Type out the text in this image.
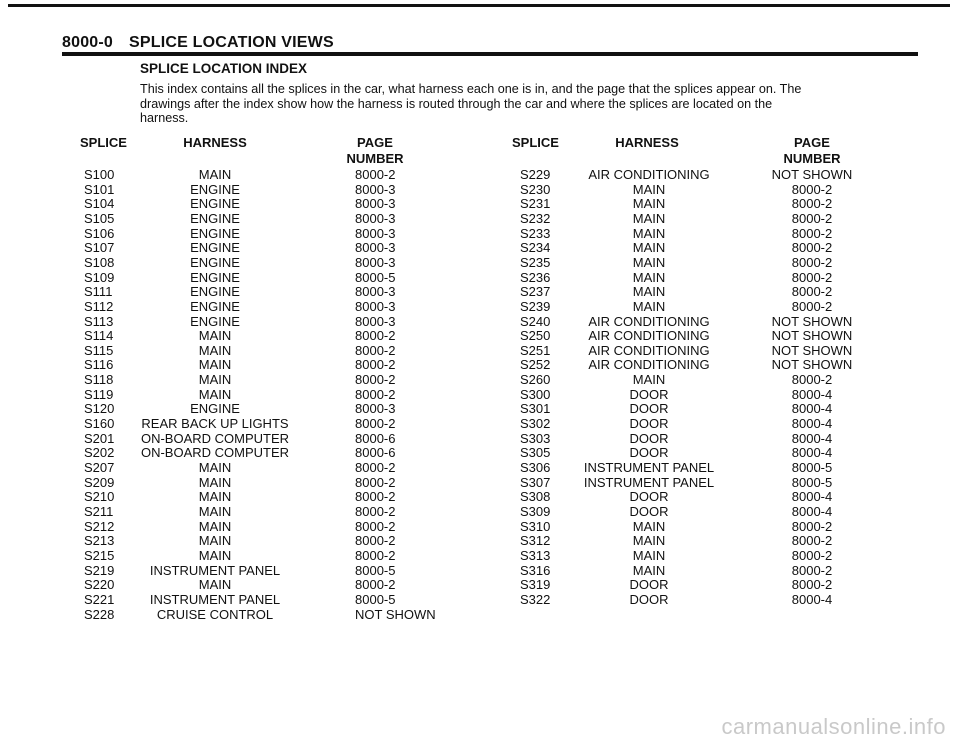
8000-0 SPLICE LOCATION VIEWS
SPLICE LOCATION INDEX
This index contains all the splices in the car, what harness each one is in, and the page that the splices appear on. The drawings after the index show how the harness is routed through the car and where the splices are located on the harness.
SPLICE	HARNESS	PAGE
NUMBER
SPLICE	HARNESS	PAGE
NUMBER
S100	MAIN	8000-2
S101	ENGINE	8000-3
S104	ENGINE	8000-3
S105	ENGINE	8000-3
S106	ENGINE	8000-3
S107	ENGINE	8000-3
S108	ENGINE	8000-3
S109	ENGINE	8000-5
S111	ENGINE	8000-3
S112	ENGINE	8000-3
S113	ENGINE	8000-3
S114	MAIN	8000-2
S115	MAIN	8000-2
S116	MAIN	8000-2
S118	MAIN	8000-2
S119	MAIN	8000-2
S120	ENGINE	8000-3
S160	REAR BACK UP LIGHTS	8000-2
S201	ON-BOARD COMPUTER	8000-6
S202	ON-BOARD COMPUTER	8000-6
S207	MAIN	8000-2
S209	MAIN	8000-2
S210	MAIN	8000-2
S211	MAIN	8000-2
S212	MAIN	8000-2
S213	MAIN	8000-2
S215	MAIN	8000-2
S219	INSTRUMENT PANEL	8000-5
S220	MAIN	8000-2
S221	INSTRUMENT PANEL	8000-5
S228	CRUISE CONTROL	NOT SHOWN
S229	AIR CONDITIONING	NOT SHOWN
S230	MAIN	8000-2
S231	MAIN	8000-2
S232	MAIN	8000-2
S233	MAIN	8000-2
S234	MAIN	8000-2
S235	MAIN	8000-2
S236	MAIN	8000-2
S237	MAIN	8000-2
S239	MAIN	8000-2
S240	AIR CONDITIONING	NOT SHOWN
S250	AIR CONDITIONING	NOT SHOWN
S251	AIR CONDITIONING	NOT SHOWN
S252	AIR CONDITIONING	NOT SHOWN
S260	MAIN	8000-2
S300	DOOR	8000-4
S301	DOOR	8000-4
S302	DOOR	8000-4
S303	DOOR	8000-4
S305	DOOR	8000-4
S306	INSTRUMENT PANEL	8000-5
S307	INSTRUMENT PANEL	8000-5
S308	DOOR	8000-4
S309	DOOR	8000-4
S310	MAIN	8000-2
S312	MAIN	8000-2
S313	MAIN	8000-2
S316	MAIN	8000-2
S319	DOOR	8000-2
S322	DOOR	8000-4
carmanualsonline.info
